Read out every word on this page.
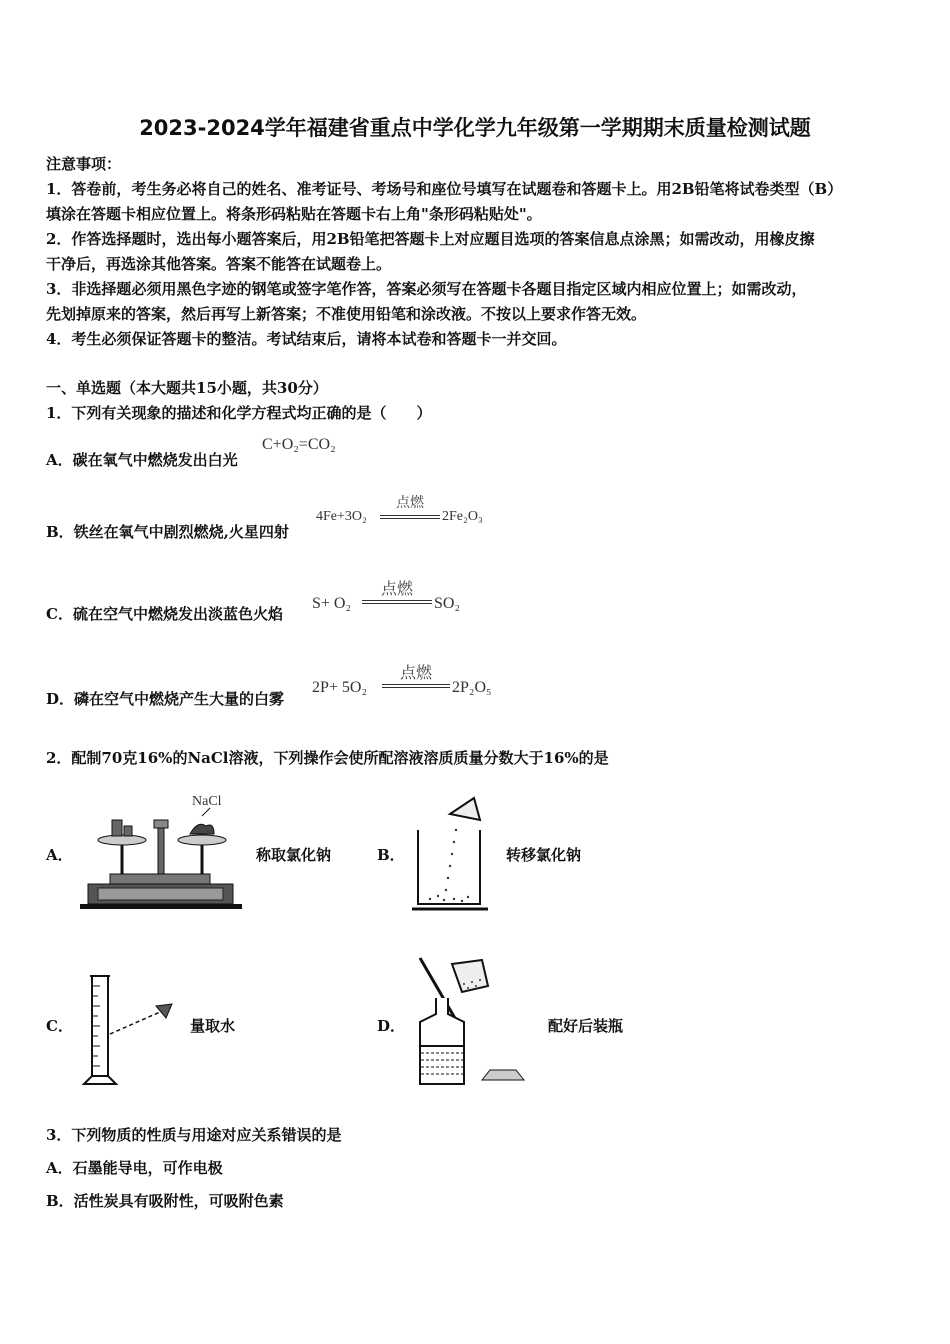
2023-2024学年福建省重点中学化学九年级第一学期期末质量检测试题
注意事项：
1．答卷前，考生务必将自己的姓名、准考证号、考场号和座位号填写在试题卷和答题卡上。用2B铅笔将试卷类型（B）
填涂在答题卡相应位置上。将条形码粘贴在答题卡右上角"条形码粘贴处"。
2．作答选择题时，选出每小题答案后，用2B铅笔把答题卡上对应题目选项的答案信息点涂黑；如需改动，用橡皮擦
干净后，再选涂其他答案。答案不能答在试题卷上。
3．非选择题必须用黑色字迹的钢笔或签字笔作答，答案必须写在答题卡各题目指定区域内相应位置上；如需改动，
先划掉原来的答案，然后再写上新答案；不准使用铅笔和涂改液。不按以上要求作答无效。
4．考生必须保证答题卡的整洁。考试结束后，请将本试卷和答题卡一并交回。
一、单选题（本大题共15小题，共30分）
1．下列有关现象的描述和化学方程式均正确的是（　　）
A．碳在氧气中燃烧发出白光
C+O₂=CO₂
B．铁丝在氧气中剧烈燃烧,火星四射
4Fe+3O₂
点燃
2Fe₂O₃
C．硫在空气中燃烧发出淡蓝色火焰
S+ O₂
点燃
SO₂
D．磷在空气中燃烧产生大量的白雾
2P+ 5O₂
点燃
2P₂O₅
2．配制70克16%的NaCl溶液，下列操作会使所配溶液溶质质量分数大于16%的是
A．
NaCl
称取氯化钠	B．	转移氯化钠
C．	量取水	D．	配好后装瓶
3．下列物质的性质与用途对应关系错误的是
A．石墨能导电，可作电极
B．活性炭具有吸附性，可吸附色素
